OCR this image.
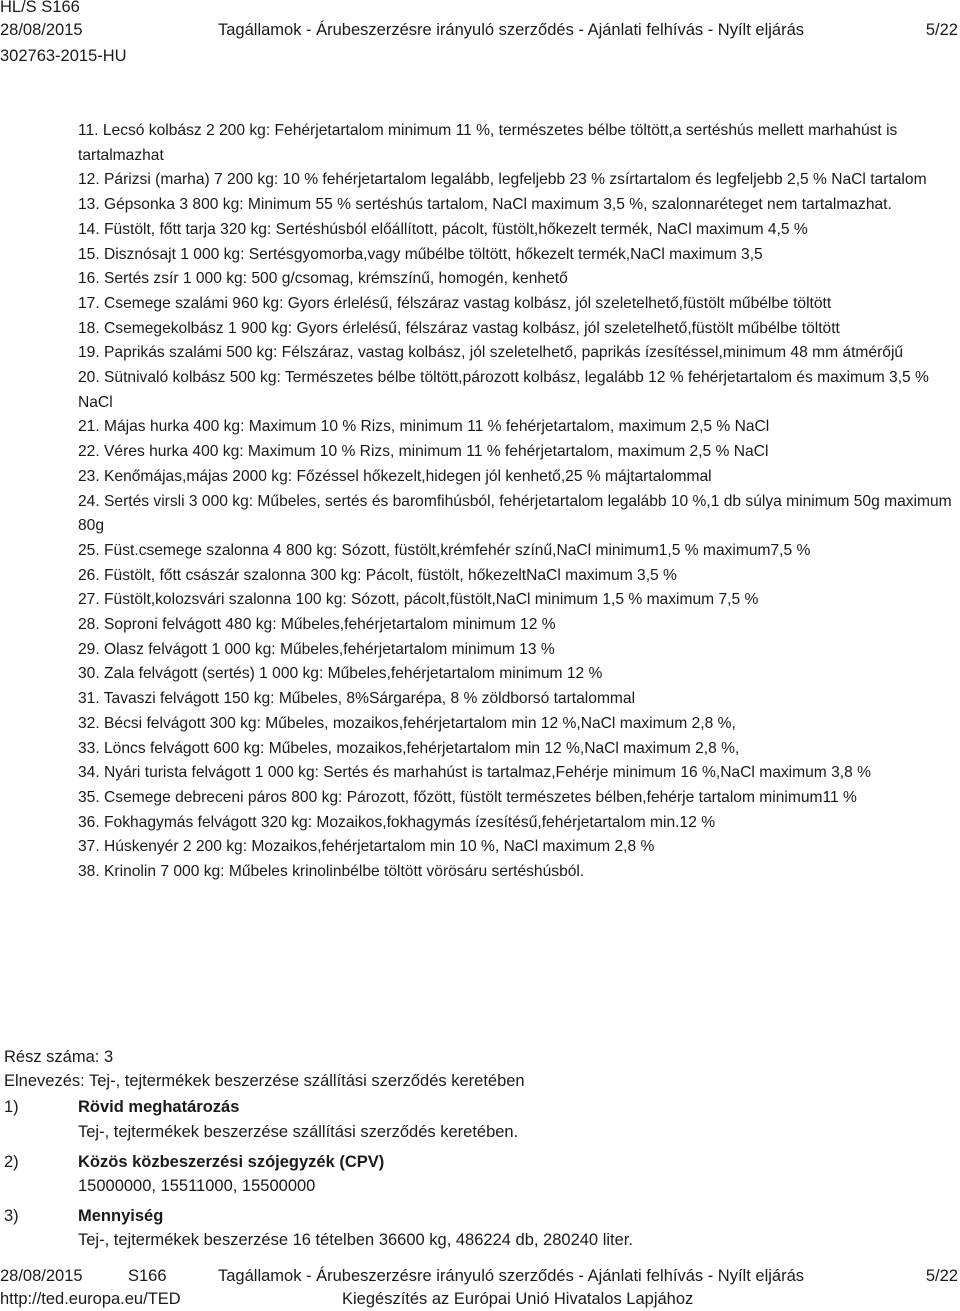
HL/S S166
28/08/2015	Tagállamok - Árubeszerzésre irányuló szerződés - Ajánlati felhívás - Nyílt eljárás	5/22
302763-2015-HU
11. Lecsó kolbász 2 200 kg: Fehérjetartalom minimum 11 %, természetes bélbe töltött,a sertéshús mellett marhahúst is tartalmazhat
12. Párizsi (marha) 7 200 kg: 10 % fehérjetartalom legalább, legfeljebb 23 % zsírtartalom és legfeljebb 2,5 % NaCl tartalom
13. Gépsonka 3 800 kg: Minimum 55 % sertéshús tartalom, NaCl maximum 3,5 %, szalonnaréteget nem tartalmazhat.
14. Füstölt, főtt tarja 320 kg: Sertéshúsból előállított, pácolt, füstölt,hőkezelt termék, NaCl maximum 4,5 %
15. Disznósajt 1 000 kg: Sertésgyomorba,vagy műbélbe töltött, hőkezelt termék,NaCl maximum 3,5
16. Sertés zsír 1 000 kg: 500 g/csomag, krémszínű, homogén, kenhető
17. Csemege szalámi 960 kg: Gyors érlelésű, félszáraz vastag kolbász, jól szeletelhető,füstölt műbélbe töltött
18. Csemegekolbász 1 900 kg: Gyors érlelésű, félszáraz vastag kolbász, jól szeletelhető,füstölt műbélbe töltött
19. Paprikás szalámi 500 kg: Félszáraz, vastag kolbász, jól szeletelhető, paprikás ízesítéssel,minimum 48 mm átmérőjű
20. Sütnivaló kolbász 500 kg: Természetes bélbe töltött,pározott kolbász, legalább 12 % fehérjetartalom és maximum 3,5 % NaCl
21. Májas hurka 400 kg: Maximum 10 % Rizs, minimum 11 % fehérjetartalom, maximum 2,5 % NaCl
22. Véres hurka 400 kg: Maximum 10 % Rizs, minimum 11 % fehérjetartalom, maximum 2,5 % NaCl
23. Kenőmájas,májas 2000 kg: Főzéssel hőkezelt,hidegen jól kenhető,25 % májtartalommal
24. Sertés virsli 3 000 kg: Műbeles, sertés és baromfihúsból, fehérjetartalom legalább 10 %,1 db súlya minimum 50g maximum 80g
25. Füst.csemege szalonna 4 800 kg: Sózott, füstölt,krémfehér színű,NaCl minimum1,5 % maximum7,5 %
26. Füstölt, főtt császár szalonna 300 kg: Pácolt, füstölt, hőkezeltNaCl maximum 3,5 %
27. Füstölt,kolozsvári szalonna 100 kg: Sózott, pácolt,füstölt,NaCl minimum 1,5 % maximum 7,5 %
28. Soproni felvágott 480 kg: Műbeles,fehérjetartalom minimum 12 %
29. Olasz felvágott 1 000 kg: Műbeles,fehérjetartalom minimum 13 %
30. Zala felvágott (sertés) 1 000 kg: Műbeles,fehérjetartalom minimum 12 %
31. Tavaszi felvágott 150 kg: Műbeles, 8%Sárgarépa, 8 % zöldborsó tartalommal
32. Bécsi felvágott 300 kg: Műbeles, mozaikos,fehérjetartalom min 12 %,NaCl maximum 2,8 %,
33. Löncs felvágott 600 kg: Műbeles, mozaikos,fehérjetartalom min 12 %,NaCl maximum 2,8 %,
34. Nyári turista felvágott 1 000 kg: Sertés és marhahúst is tartalmaz,Fehérje minimum 16 %,NaCl maximum 3,8 %
35. Csemege debreceni páros 800 kg: Pározott, főzött, füstölt természetes bélben,fehérje tartalom minimum11 %
36. Fokhagymás felvágott 320 kg: Mozaikos,fokhagymás ízesítésű,fehérjetartalom min.12 %
37. Húskenyér 2 200 kg: Mozaikos,fehérjetartalom min 10 %, NaCl maximum 2,8 %
38. Krinolin 7 000 kg: Műbeles krinolinbélbe töltött vörösáru sertéshúsból.
Rész száma: 3
Elnevezés: Tej-, tejtermékek beszerzése szállítási szerződés keretében
1)	Rövid meghatározás
Tej-, tejtermékek beszerzése szállítási szerződés keretében.
2)	Közös közbeszerzési szójegyzék (CPV)
15000000, 15511000, 15500000
3)	Mennyiség
Tej-, tejtermékek beszerzése 16 tételben 36600 kg, 486224 db, 280240 liter.
28/08/2015	S166	Tagállamok - Árubeszerzésre irányuló szerződés - Ajánlati felhívás - Nyílt eljárás	5/22
http://ted.europa.eu/TED	Kiegészítés az Európai Unió Hivatalos Lapjához
